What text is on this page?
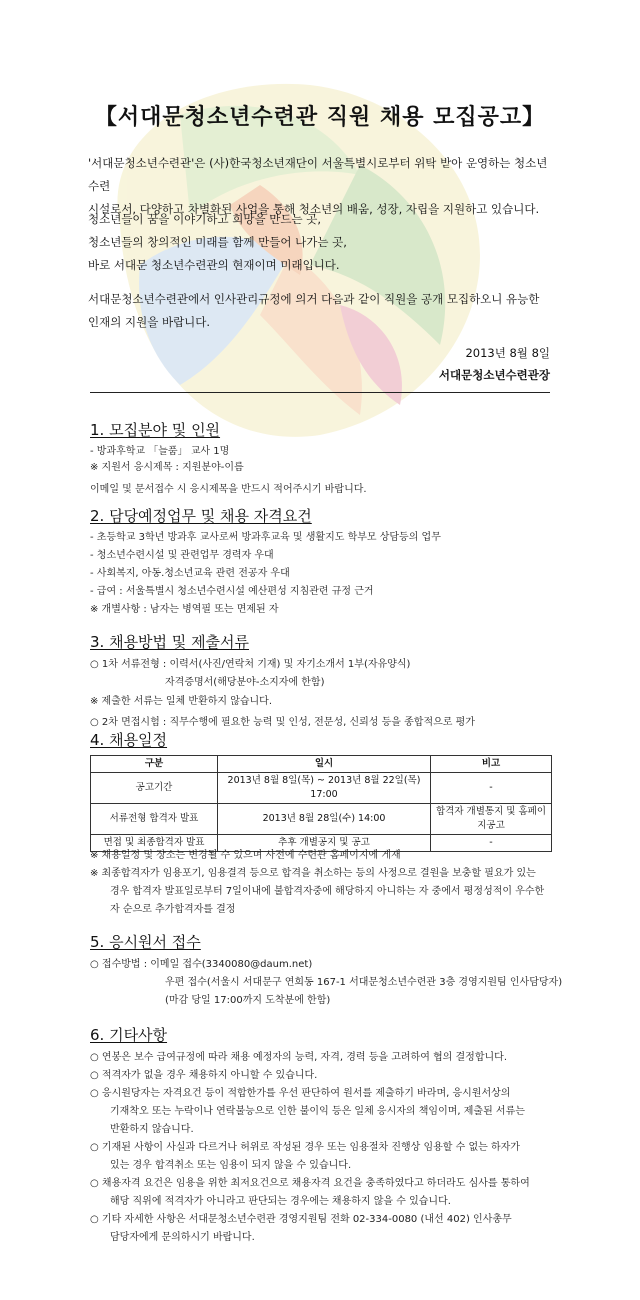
【서대문청소년수련관 직원 채용 모집공고】
'서대문청소년수련관'은 (사)한국청소년재단이 서울특별시로부터 위탁 받아 운영하는 청소년수련
시설로서, 다양하고 차별화된 사업을 통해 청소년의 배움, 성장, 자립을 지원하고 있습니다.
청소년들이 꿈을 이야기하고 희망을 만드는 곳,
청소년들의 창의적인 미래를 함께 만들어 나가는 곳,
바로 서대문 청소년수련관의 현재이며 미래입니다.
서대문청소년수련관에서 인사관리규정에 의거 다음과 같이 직원을 공개 모집하오니 유능한
인재의 지원을 바랍니다.
2013년 8월 8일
서대문청소년수련관장
1. 모집분야 및 인원
- 방과후학교 「늘품」 교사 1명
※ 지원서 응시제목 : 지원분야-이름
이메일 및 문서접수 시 응시제목을 반드시 적어주시기 바랍니다.
2. 담당예정업무 및 채용 자격요건
- 초등학교 3학년 방과후 교사로써 방과후교육 및 생활지도 학부모 상담등의 업무
- 청소년수련시설 및 관련업무 경력자 우대
- 사회복지, 아동.청소년교육 관련 전공자 우대
- 급여 : 서울특별시 청소년수련시설 예산편성 지침관련 규정 근거
※ 개별사항 : 남자는 병역필 또는 면제된 자
3. 채용방법 및 제출서류
○ 1차 서류전형 : 이력서(사진/연락처 기재) 및 자기소개서 1부(자유양식)
자격증명서(해당분야-소지자에 한함)
※ 제출한 서류는 일체 반환하지 않습니다.
○ 2차 면접시험 : 직무수행에 필요한 능력 및 인성, 전문성, 신뢰성 등을 종합적으로 평가
4. 채용일정
구분	일시	비고
공고기간	2013년 8월 8일(목) ~ 2013년 8월 22일(목) 17:00	-
서류전형 합격자 발표	2013년 8월 28일(수) 14:00	합격자 개별통지 및 홈페이지공고
면접 및 최종합격자 발표	추후 개별공지 및 공고	-
※ 채용일정 및 장소는 변경될 수 있으며 사전에 수련관 홈페이지에 게재
※ 최종합격자가 임용포기, 임용결격 등으로 합격을 취소하는 등의 사정으로 결원을 보충할 필요가 있는
경우 합격자 발표일로부터 7일이내에 불합격자중에 해당하지 아니하는 자 중에서 평정성적이 우수한
자 순으로 추가합격자를 결정
5. 응시원서 접수
○ 접수방법 : 이메일 접수(3340080@daum.net)
우편 접수(서울시 서대문구 연희동 167-1 서대문청소년수련관 3층 경영지원팀 인사담당자)
(마감 당일 17:00까지 도착분에 한함)
6. 기타사항
○ 연봉은 보수 급여규정에 따라 채용 예정자의 능력, 자격, 경력 등을 고려하여 협의 결정합니다.
○ 적격자가 없을 경우 채용하지 아니할 수 있습니다.
○ 응시원당자는 자격요건 등이 적합한가를 우선 판단하여 원서를 제출하기 바라며, 응시원서상의
기재착오 또는 누락이나 연락불능으로 인한 불이익 등은 일체 응시자의 책임이며, 제출된 서류는
반환하지 않습니다.
○ 기재된 사항이 사실과 다르거나 허위로 작성된 경우 또는 임용절차 진행상 임용할 수 없는 하자가
있는 경우 합격취소 또는 임용이 되지 않을 수 있습니다.
○ 채용자격 요건은 임용을 위한 최저요건으로 채용자격 요건을 충족하였다고 하더라도 심사를 통하여
해당 직위에 적격자가 아니라고 판단되는 경우에는 채용하지 않을 수 있습니다.
○ 기타 자세한 사항은 서대문청소년수련관 경영지원팀 전화 02-334-0080 (내선 402) 인사총무
담당자에게 문의하시기 바랍니다.
